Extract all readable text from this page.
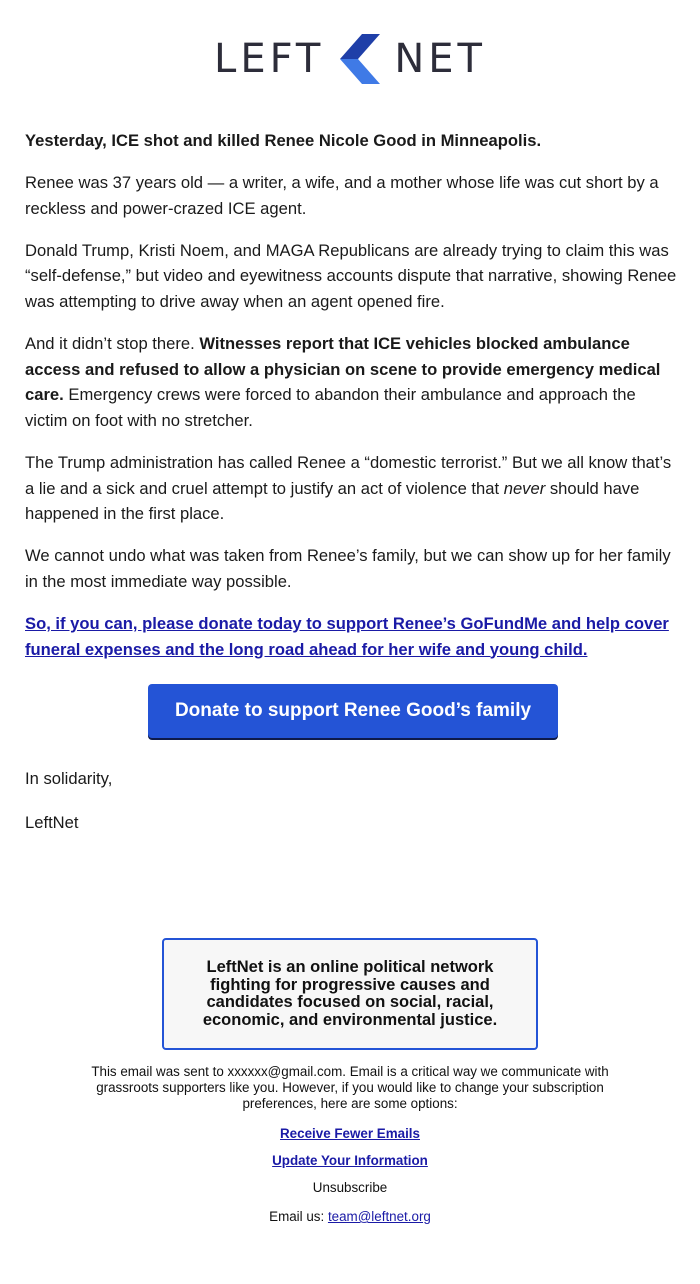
LEFT NET

Yesterday, ICE shot and killed Renee Nicole Good in Minneapolis.

Renee was 37 years old — a writer, a wife, and a mother whose life was cut short by a reckless and power-crazed ICE agent.

Donald Trump, Kristi Noem, and MAGA Republicans are already trying to claim this was “self-defense,” but video and eyewitness accounts dispute that narrative, showing Renee was attempting to drive away when an agent opened fire.

And it didn’t stop there. Witnesses report that ICE vehicles blocked ambulance access and refused to allow a physician on scene to provide emergency medical care. Emergency crews were forced to abandon their ambulance and approach the victim on foot with no stretcher.

The Trump administration has called Renee a “domestic terrorist.” But we all know that’s a lie and a sick and cruel attempt to justify an act of violence that never should have happened in the first place.

We cannot undo what was taken from Renee’s family, but we can show up for her family in the most immediate way possible.

So, if you can, please donate today to support Renee’s GoFundMe and help cover funeral expenses and the long road ahead for her wife and young child.

Donate to support Renee Good’s family

In solidarity,

LeftNet

LeftNet is an online political network fighting for progressive causes and candidates focused on social, racial, economic, and environmental justice.

This email was sent to xxxxxx@gmail.com. Email is a critical way we communicate with grassroots supporters like you. However, if you would like to change your subscription preferences, here are some options:

Receive Fewer Emails
Update Your Information
Unsubscribe

Email us: team@leftnet.org
